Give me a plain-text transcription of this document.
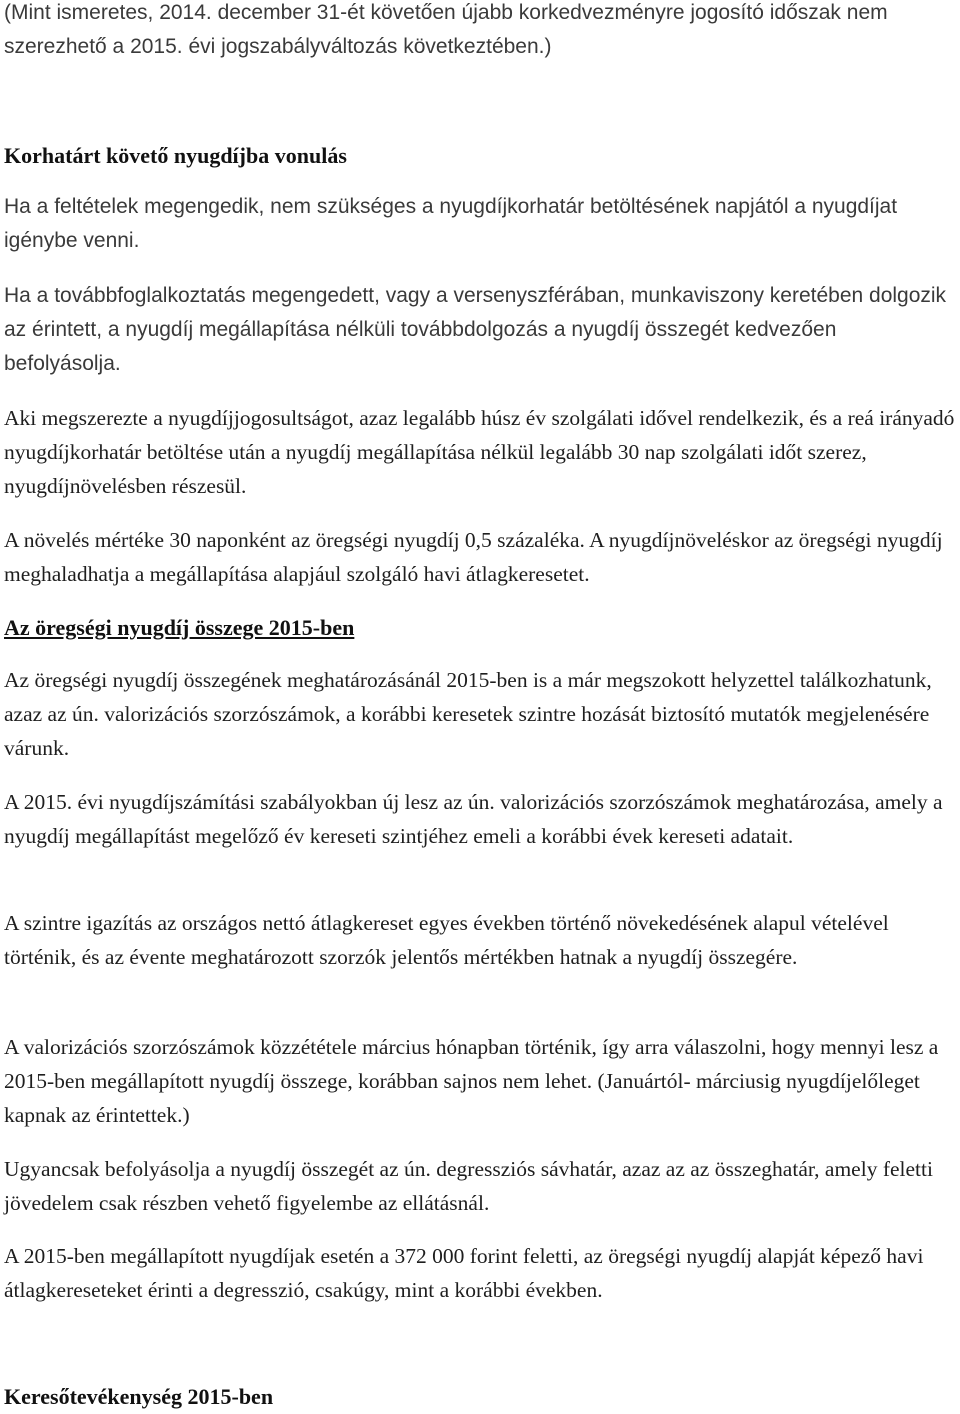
(Mint ismeretes, 2014. december 31-ét követően újabb korkedvezményre jogosító időszak nem szerezhető a 2015. évi jogszabályváltozás következtében.)

Korhatárt követő nyugdíjba vonulás

Ha a feltételek megengedik, nem szükséges a nyugdíjkorhatár betöltésének napjától a nyugdíjat igénybe venni.

Ha a továbbfoglalkoztatás megengedett, vagy a versenyszférában, munkaviszony keretében dolgozik az érintett, a nyugdíj megállapítása nélküli továbbdolgozás a nyugdíj összegét kedvezően befolyásolja.

Aki megszerezte a nyugdíjjogosultságot, azaz legalább húsz év szolgálati idővel rendelkezik, és a reá irányadó nyugdíjkorhatár betöltése után a nyugdíj megállapítása nélkül legalább 30 nap szolgálati időt szerez, nyugdíjnövelésben részesül.

A növelés mértéke 30 naponként az öregségi nyugdíj 0,5 százaléka. A nyugdíjnöveléskor az öregségi nyugdíj meghaladhatja a megállapítása alapjául szolgáló havi átlagkeresetet.

Az öregségi nyugdíj összege 2015-ben

Az öregségi nyugdíj összegének meghatározásánál 2015-ben is a már megszokott helyzettel találkozhatunk, azaz az ún. valorizációs szorzószámok, a korábbi keresetek szintre hozását biztosító mutatók megjelenésére várunk.

A 2015. évi nyugdíjszámítási szabályokban új lesz az ún. valorizációs szorzószámok meghatározása, amely a nyugdíj megállapítást megelőző év kereseti szintjéhez emeli a korábbi évek kereseti adatait.

A szintre igazítás az országos nettó átlagkereset egyes években történő növekedésének alapul vételével történik, és az évente meghatározott szorzók jelentős mértékben hatnak a nyugdíj összegére.

A valorizációs szorzószámok közzététele március hónapban történik, így arra válaszolni, hogy mennyi lesz a 2015-ben megállapított nyugdíj összege, korábban sajnos nem lehet. (Januártól- márciusig nyugdíjelőleget kapnak az érintettek.)

Ugyancsak befolyásolja a nyugdíj összegét az ún. degressziós sávhatár, azaz az az összeghatár, amely feletti jövedelem csak részben vehető figyelembe az ellátásnál.

A 2015-ben megállapított nyugdíjak esetén a 372 000 forint feletti, az öregségi nyugdíj alapját képező havi átlagkereseteket érinti a degresszió, csakúgy, mint a korábbi években.

Keresőtevékenység 2015-ben
